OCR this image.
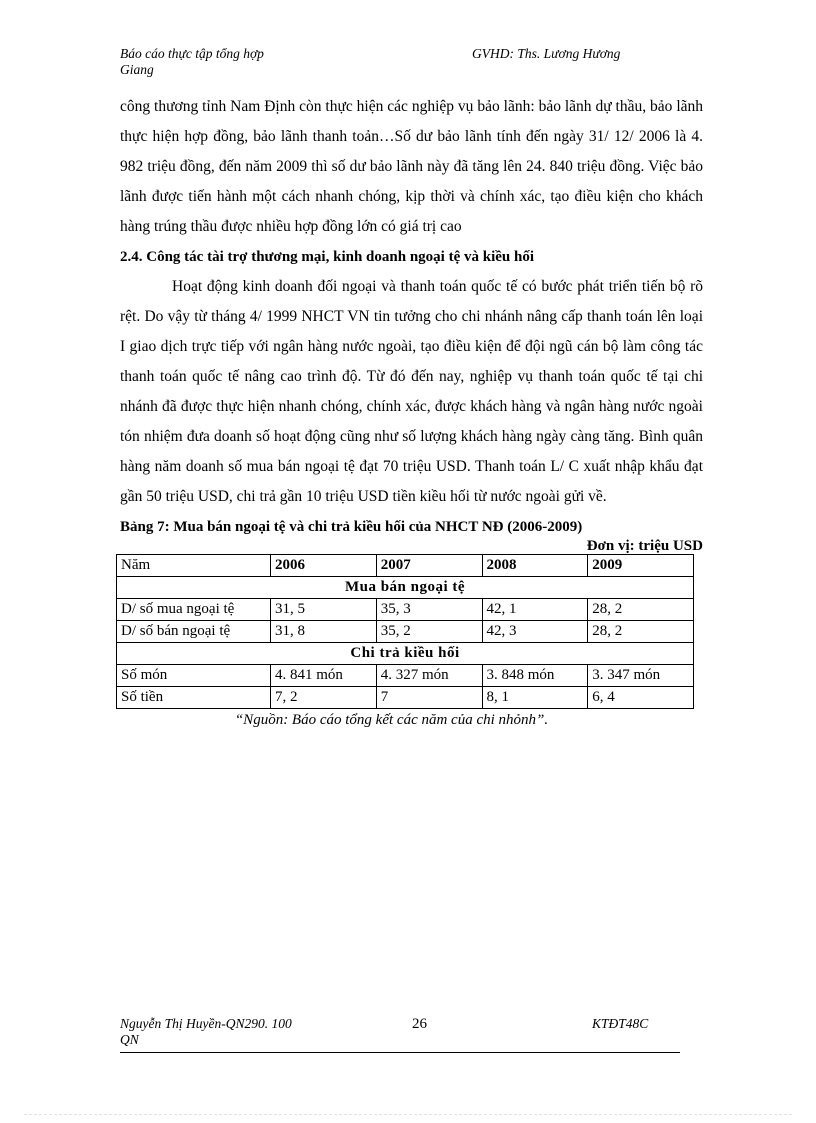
Báo cáo thực tập tổng hợp
Giang
GVHD: Ths. Lương Hương

công thương tỉnh Nam Định còn thực hiện các nghiệp vụ bảo lãnh: bảo lãnh dự thầu, bảo lãnh thực hiện hợp đồng, bảo lãnh thanh toản…Số dư bảo lãnh tính đến ngày 31/ 12/ 2006 là 4. 982 triệu đồng, đến năm 2009 thì số dư bảo lãnh này đã tăng lên 24. 840 triệu đồng. Việc bảo lãnh được tiến hành một cách nhanh chóng, kịp thời và chính xác, tạo điều kiện cho khách hàng trúng thầu được nhiều hợp đồng lớn có giá trị cao

2.4. Công tác tài trợ thương mại, kinh doanh ngoại tệ và kiều hối

Hoạt động kinh doanh đối ngoại và thanh toán quốc tế có bước phát triển tiến bộ rõ rệt. Do vậy từ tháng 4/ 1999 NHCT VN tin tưởng cho chi nhánh nâng cấp thanh toán lên loại I giao dịch trực tiếp với ngân hàng nước ngoài, tạo điều kiện để đội ngũ cán bộ làm công tác thanh toán quốc tế nâng cao trình độ. Từ đó đến nay, nghiệp vụ thanh toán quốc tế tại chi nhánh đã được thực hiện nhanh chóng, chính xác, được khách hàng và ngân hàng nước ngoài tón nhiệm đưa doanh số hoạt động cũng như số lượng khách hàng ngày càng tăng. Bình quân hàng năm doanh số mua bán ngoại tệ đạt 70 triệu USD. Thanh toán L/ C xuất nhập khẩu đạt gần 50 triệu USD, chi trả gần 10 triệu USD tiền kiều hối từ nước ngoài gửi về.

Bảng 7: Mua bán ngoại tệ và chi trả kiều hối của NHCT NĐ (2006-2009)

Đơn vị: triệu USD

Năm	2006	2007	2008	2009
Mua bán ngoại tệ				
D/ số mua ngoại tệ	31, 5	35, 3	42, 1	28, 2
D/ số bán ngoại tệ	31, 8	35, 2	42, 3	28, 2
Chi trả kiều hối				
Số món	4. 841 món	4. 327 món	3. 848 món	3. 347 món
Số tiền	7, 2	7	8, 1	6, 4

“Nguồn: Báo cáo tổng kết các năm của chi nhỏnh”.

Nguyễn Thị Huyền-QN290. 100
QN
26	KTĐT48C
